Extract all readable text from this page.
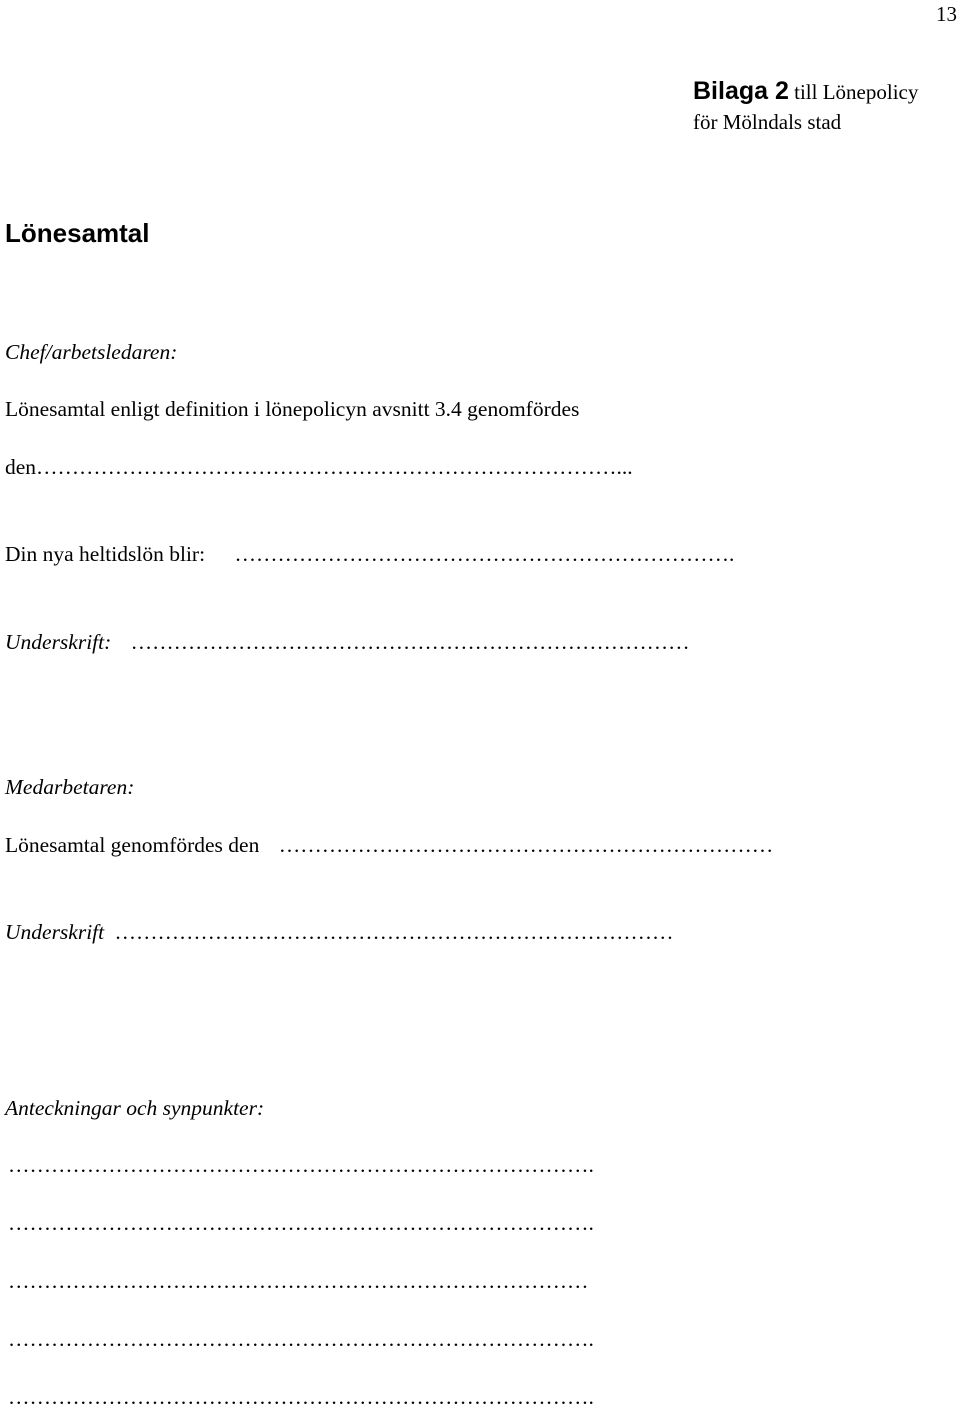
13
Bilaga 2 till Lönepolicy
för Mölndals stad
Lönesamtal
Chef/arbetsledaren:
Lönesamtal enligt definition i lönepolicyn avsnitt 3.4 genomfördes
den………………………………………………………………………...
Din nya heltidslön blir: …………………………………………………………….
Underskrift: ……………………………………………………………………
Medarbetaren:
Lönesamtal genomfördes den ……………………………………………………………
Underskrift ……………………………………………………………………
Anteckningar och synpunkter:
……………………………………………………………………….
……………………………………………………………………….
………………………………………………………………………
……………………………………………………………………….
……………………………………………………………………….
